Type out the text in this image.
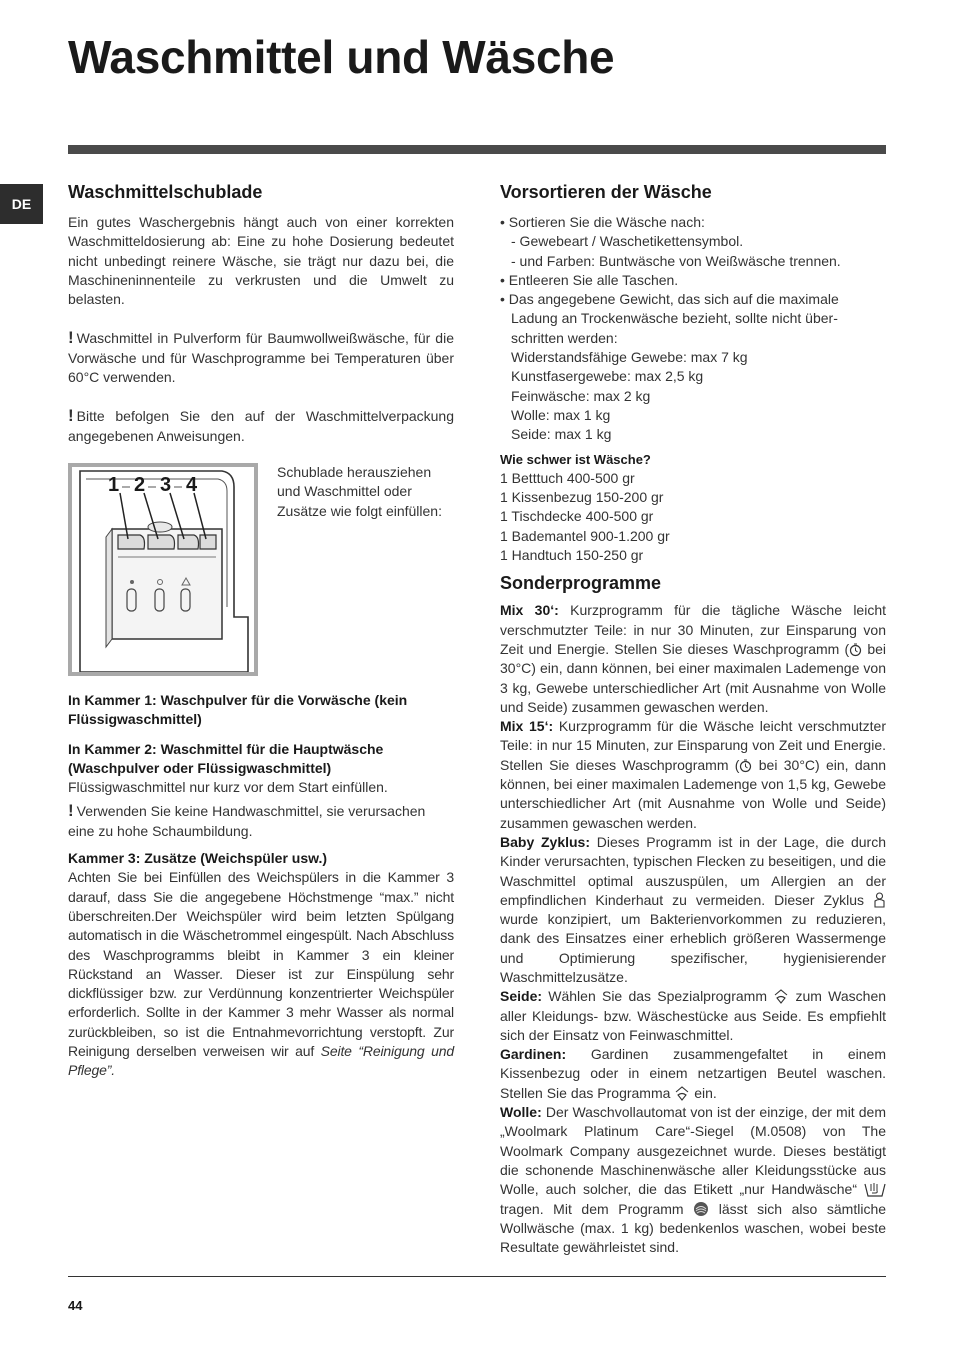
Waschmittel und Wäsche
DE
Waschmittelschublade

Ein gutes Waschergebnis hängt auch von einer korrekten Waschmitteldosierung ab: Eine zu hohe Dosierung bedeutet nicht unbedingt reinere Wäsche, sie trägt nur dazu bei, die Maschineninnenteile zu verkrusten und die Umwelt zu belasten.

! Waschmittel in Pulverform für Baumwollweißwäsche, für die Vorwäsche und für Waschprogramme bei Temperaturen über 60°C verwenden.

! Bitte befolgen Sie den auf der Waschmittelverpackung angegebenen Anweisungen.

1 2 3 4

Schublade herausziehen und Waschmittel oder Zusätze wie folgt einfüllen:

In Kammer 1: Waschpulver für die Vorwäsche (kein Flüssigwaschmittel)

In Kammer 2: Waschmittel für die Hauptwäsche (Waschpulver oder Flüssigwaschmittel)

Flüssigwaschmittel nur kurz vor dem Start einfüllen.

! Verwenden Sie keine Handwaschmittel, sie verursachen eine zu hohe Schaumbildung.

Kammer 3: Zusätze (Weichspüler usw.)

Achten Sie bei Einfüllen des Weichspülers in die Kammer 3 darauf, dass Sie die angegebene Höchstmenge “max.” nicht überschreiten.Der Weichspüler wird beim letzten Spülgang automatisch in die Wäschetrommel eingespült. Nach Abschluss des Waschprogramms bleibt in Kammer 3 ein kleiner Rückstand an Wasser. Dieser ist zur Einspülung sehr dickflüssiger bzw. zur Verdünnung konzentrierter Weichspüler erforderlich. Sollte in der Kammer 3 mehr Wasser als normal zurückbleiben, so ist die Entnahmevorrichtung verstopft. Zur Reinigung derselben verweisen wir auf Seite “Reinigung und Pflege”.

Vorsortieren der Wäsche

• Sortieren Sie die Wäsche nach:

- Gewebeart / Waschetikettensymbol.

- und Farben: Buntwäsche von Weißwäsche trennen.

• Entleeren Sie alle Taschen.

• Das angegebene Gewicht, das sich auf die maximale

Ladung an Trockenwäsche bezieht, sollte nicht über-

schritten werden:

Widerstandsfähige Gewebe: max 7 kg

Kunstfasergewebe: max 2,5 kg

Feinwäsche: max 2 kg

Wolle: max 1 kg

Seide: max 1 kg

Wie schwer ist Wäsche?

1 Betttuch 400-500 gr

1 Kissenbezug 150-200 gr

1 Tischdecke 400-500 gr

1 Bademantel 900-1.200 gr

1 Handtuch 150-250 gr

Sonderprogramme

Mix 30‘: Kurzprogramm für die tägliche Wäsche leicht verschmutzter Teile: in nur 30 Minuten, zur Einsparung von Zeit und Energie. Stellen Sie dieses Waschprogramm ( bei 30°C) ein, dann können, bei einer maximalen Lademenge von 3 kg, Gewebe unterschiedlicher Art (mit Ausnahme von Wolle und Seide) zusammen gewaschen werden.

Mix 15‘: Kurzprogramm für die Wäsche leicht verschmutzter Teile: in nur 15 Minuten, zur Einsparung von Zeit und Energie. Stellen Sie dieses Waschprogramm ( bei 30°C) ein, dann können, bei einer maximalen Lademenge von 1,5 kg, Gewebe unterschiedlicher Art (mit Ausnahme von Wolle und Seide) zusammen gewaschen werden.

Baby Zyklus: Dieses Programm ist in der Lage, die durch Kinder verursachten, typischen Flecken zu beseitigen, und die Waschmittel optimal auszuspülen, um Allergien an der empfindlichen Kinderhaut zu vermeiden. Dieser Zyklus  wurde konzipiert, um Bakterienvorkommen zu reduzieren, dank des Einsatzes einer erheblich größeren Wassermenge und Optimierung spezifischer, hygienisierender Waschmittelzusätze.

Seide: Wählen Sie das Spezialprogramm zum Waschen aller Kleidungs- bzw. Wäschestücke aus Seide. Es empfiehlt sich der Einsatz von Feinwaschmittel.

Gardinen: Gardinen zusammengefaltet in einem Kissenbezug oder in einem netzartigen Beutel waschen. Stellen Sie das Programma ein.

Wolle: Der Waschvollautomat von ist der einzige, der mit dem „Woolmark Platinum Care“-Siegel (M.0508) von The Woolmark Company ausgezeichnet wurde. Dieses bestätigt die schonende Maschinenwäsche aller Kleidungsstücke aus Wolle, auch solcher, die das Etikett „nur Handwäsche“  tragen. Mit dem Programm	lässt sich also sämtliche Wollwäsche (max. 1 kg) bedenkenlos waschen, wobei beste Resultate gewährleistet sind.

44
